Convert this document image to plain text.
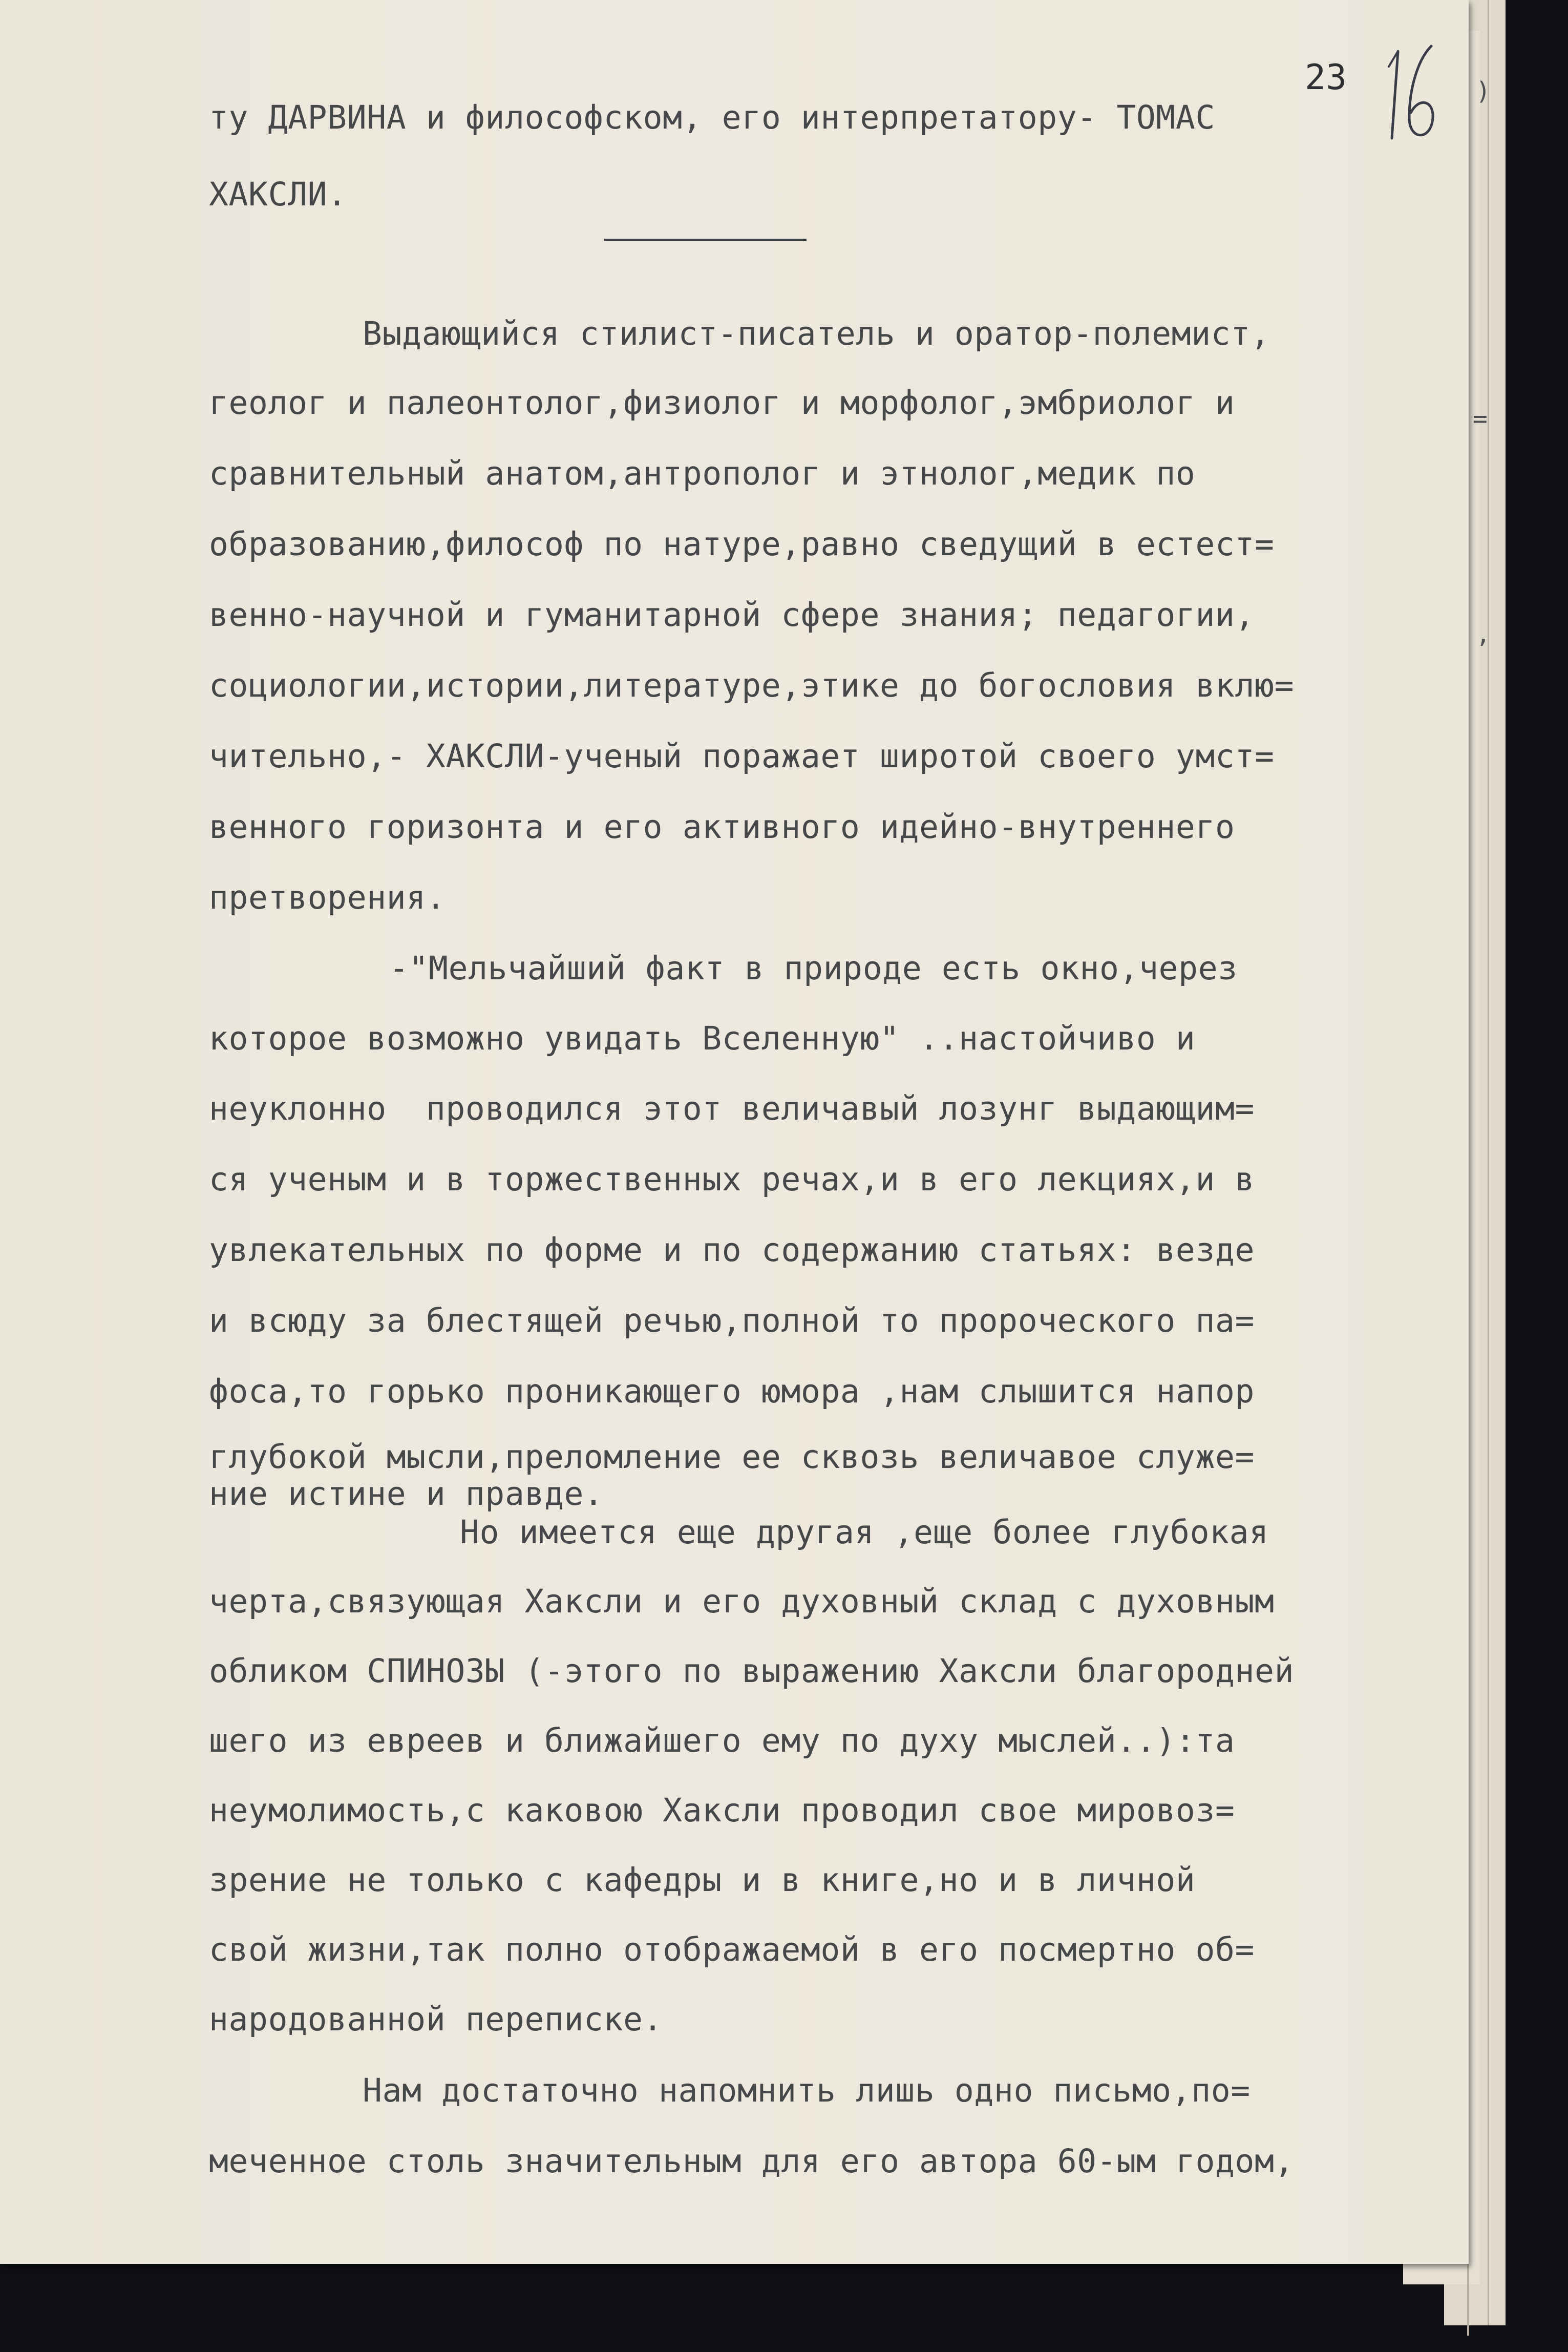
)
=
,
23
ту ДАРВИНА и философском, его интерпретатору- ТОМАС
ХАКСЛИ.
Выдающийся стилист-писатель и оратор-полемист,
геолог и палеонтолог,физиолог и морфолог,эмбриолог и
сравнительный анатом,антрополог и этнолог,медик по
образованию,философ по натуре,равно сведущий в естест=
венно-научной и гуманитарной сфере знания; педагогии,
социологии,истории,литературе,этике до богословия вклю=
чительно,- ХАКСЛИ-ученый поражает широтой своего умст=
венного горизонта и его активного идейно-внутреннего
претворения.
-"Мельчайший факт в природе есть окно,через
которое возможно увидать Вселенную" ..настойчиво и
неуклонно  проводился этот величавый лозунг выдающим=
ся ученым и в торжественных речах,и в его лекциях,и в
увлекательных по форме и по содержанию статьях: везде
и всюду за блестящей речью,полной то пророческого па=
фоса,то горько проникающего юмора ,нам слышится напор
глубокой мысли,преломление ее сквозь величавое служе=
ние истине и правде.
Но имеется еще другая ,еще более глубокая
черта,связующая Хаксли и его духовный склад с духовным
обликом СПИНОЗЫ (-этого по выражению Хаксли благородней
шего из евреев и ближайшего ему по духу мыслей..):та
неумолимость,с каковою Хаксли проводил свое мировоз=
зрение не только с кафедры и в книге,но и в личной
свой жизни,так полно отображаемой в его посмертно об=
народованной переписке.
Нам достаточно напомнить лишь одно письмо,по=
меченное столь значительным для его автора 60-ым годом,
